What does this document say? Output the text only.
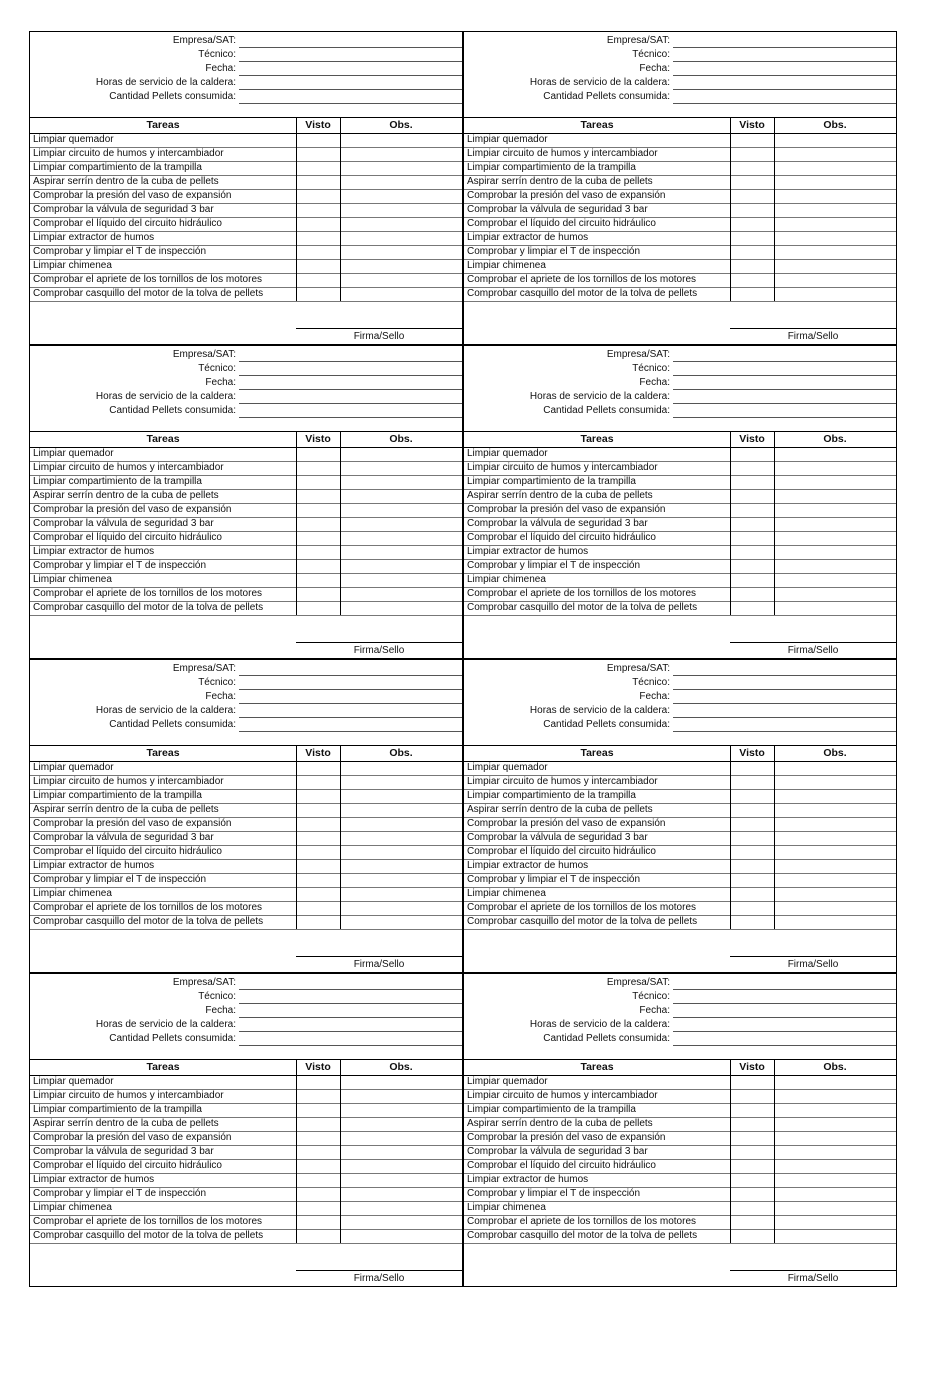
Empresa/SAT:
Técnico:
Fecha:
Horas de servicio de la caldera:
Cantidad Pellets consumida:
Tareas	Visto	Obs.
Limpiar quemador
Limpiar circuito de humos y intercambiador
Limpiar compartimiento de la trampilla
Aspirar serrín dentro de la cuba de pellets
Comprobar la presión del vaso de expansión
Comprobar la válvula de seguridad 3 bar
Comprobar el líquido del circuito hidráulico
Limpiar extractor de humos
Comprobar y limpiar el T de inspección
Limpiar chimenea
Comprobar el apriete de los tornillos de los motores
Comprobar casquillo del motor de la tolva de pellets
Firma/Sello
Empresa/SAT:
Técnico:
Fecha:
Horas de servicio de la caldera:
Cantidad Pellets consumida:
Tareas	Visto	Obs.
Limpiar quemador
Limpiar circuito de humos y intercambiador
Limpiar compartimiento de la trampilla
Aspirar serrín dentro de la cuba de pellets
Comprobar la presión del vaso de expansión
Comprobar la válvula de seguridad 3 bar
Comprobar el líquido del circuito hidráulico
Limpiar extractor de humos
Comprobar y limpiar el T de inspección
Limpiar chimenea
Comprobar el apriete de los tornillos de los motores
Comprobar casquillo del motor de la tolva de pellets
Firma/Sello
Empresa/SAT:
Técnico:
Fecha:
Horas de servicio de la caldera:
Cantidad Pellets consumida:
Tareas	Visto	Obs.
Limpiar quemador
Limpiar circuito de humos y intercambiador
Limpiar compartimiento de la trampilla
Aspirar serrín dentro de la cuba de pellets
Comprobar la presión del vaso de expansión
Comprobar la válvula de seguridad 3 bar
Comprobar el líquido del circuito hidráulico
Limpiar extractor de humos
Comprobar y limpiar el T de inspección
Limpiar chimenea
Comprobar el apriete de los tornillos de los motores
Comprobar casquillo del motor de la tolva de pellets
Firma/Sello
Empresa/SAT:
Técnico:
Fecha:
Horas de servicio de la caldera:
Cantidad Pellets consumida:
Tareas	Visto	Obs.
Limpiar quemador
Limpiar circuito de humos y intercambiador
Limpiar compartimiento de la trampilla
Aspirar serrín dentro de la cuba de pellets
Comprobar la presión del vaso de expansión
Comprobar la válvula de seguridad 3 bar
Comprobar el líquido del circuito hidráulico
Limpiar extractor de humos
Comprobar y limpiar el T de inspección
Limpiar chimenea
Comprobar el apriete de los tornillos de los motores
Comprobar casquillo del motor de la tolva de pellets
Firma/Sello
Empresa/SAT:
Técnico:
Fecha:
Horas de servicio de la caldera:
Cantidad Pellets consumida:
Tareas	Visto	Obs.
Limpiar quemador
Limpiar circuito de humos y intercambiador
Limpiar compartimiento de la trampilla
Aspirar serrín dentro de la cuba de pellets
Comprobar la presión del vaso de expansión
Comprobar la válvula de seguridad 3 bar
Comprobar el líquido del circuito hidráulico
Limpiar extractor de humos
Comprobar y limpiar el T de inspección
Limpiar chimenea
Comprobar el apriete de los tornillos de los motores
Comprobar casquillo del motor de la tolva de pellets
Firma/Sello
Empresa/SAT:
Técnico:
Fecha:
Horas de servicio de la caldera:
Cantidad Pellets consumida:
Tareas	Visto	Obs.
Limpiar quemador
Limpiar circuito de humos y intercambiador
Limpiar compartimiento de la trampilla
Aspirar serrín dentro de la cuba de pellets
Comprobar la presión del vaso de expansión
Comprobar la válvula de seguridad 3 bar
Comprobar el líquido del circuito hidráulico
Limpiar extractor de humos
Comprobar y limpiar el T de inspección
Limpiar chimenea
Comprobar el apriete de los tornillos de los motores
Comprobar casquillo del motor de la tolva de pellets
Firma/Sello
Empresa/SAT:
Técnico:
Fecha:
Horas de servicio de la caldera:
Cantidad Pellets consumida:
Tareas	Visto	Obs.
Limpiar quemador
Limpiar circuito de humos y intercambiador
Limpiar compartimiento de la trampilla
Aspirar serrín dentro de la cuba de pellets
Comprobar la presión del vaso de expansión
Comprobar la válvula de seguridad 3 bar
Comprobar el líquido del circuito hidráulico
Limpiar extractor de humos
Comprobar y limpiar el T de inspección
Limpiar chimenea
Comprobar el apriete de los tornillos de los motores
Comprobar casquillo del motor de la tolva de pellets
Firma/Sello
Empresa/SAT:
Técnico:
Fecha:
Horas de servicio de la caldera:
Cantidad Pellets consumida:
Tareas	Visto	Obs.
Limpiar quemador
Limpiar circuito de humos y intercambiador
Limpiar compartimiento de la trampilla
Aspirar serrín dentro de la cuba de pellets
Comprobar la presión del vaso de expansión
Comprobar la válvula de seguridad 3 bar
Comprobar el líquido del circuito hidráulico
Limpiar extractor de humos
Comprobar y limpiar el T de inspección
Limpiar chimenea
Comprobar el apriete de los tornillos de los motores
Comprobar casquillo del motor de la tolva de pellets
Firma/Sello
